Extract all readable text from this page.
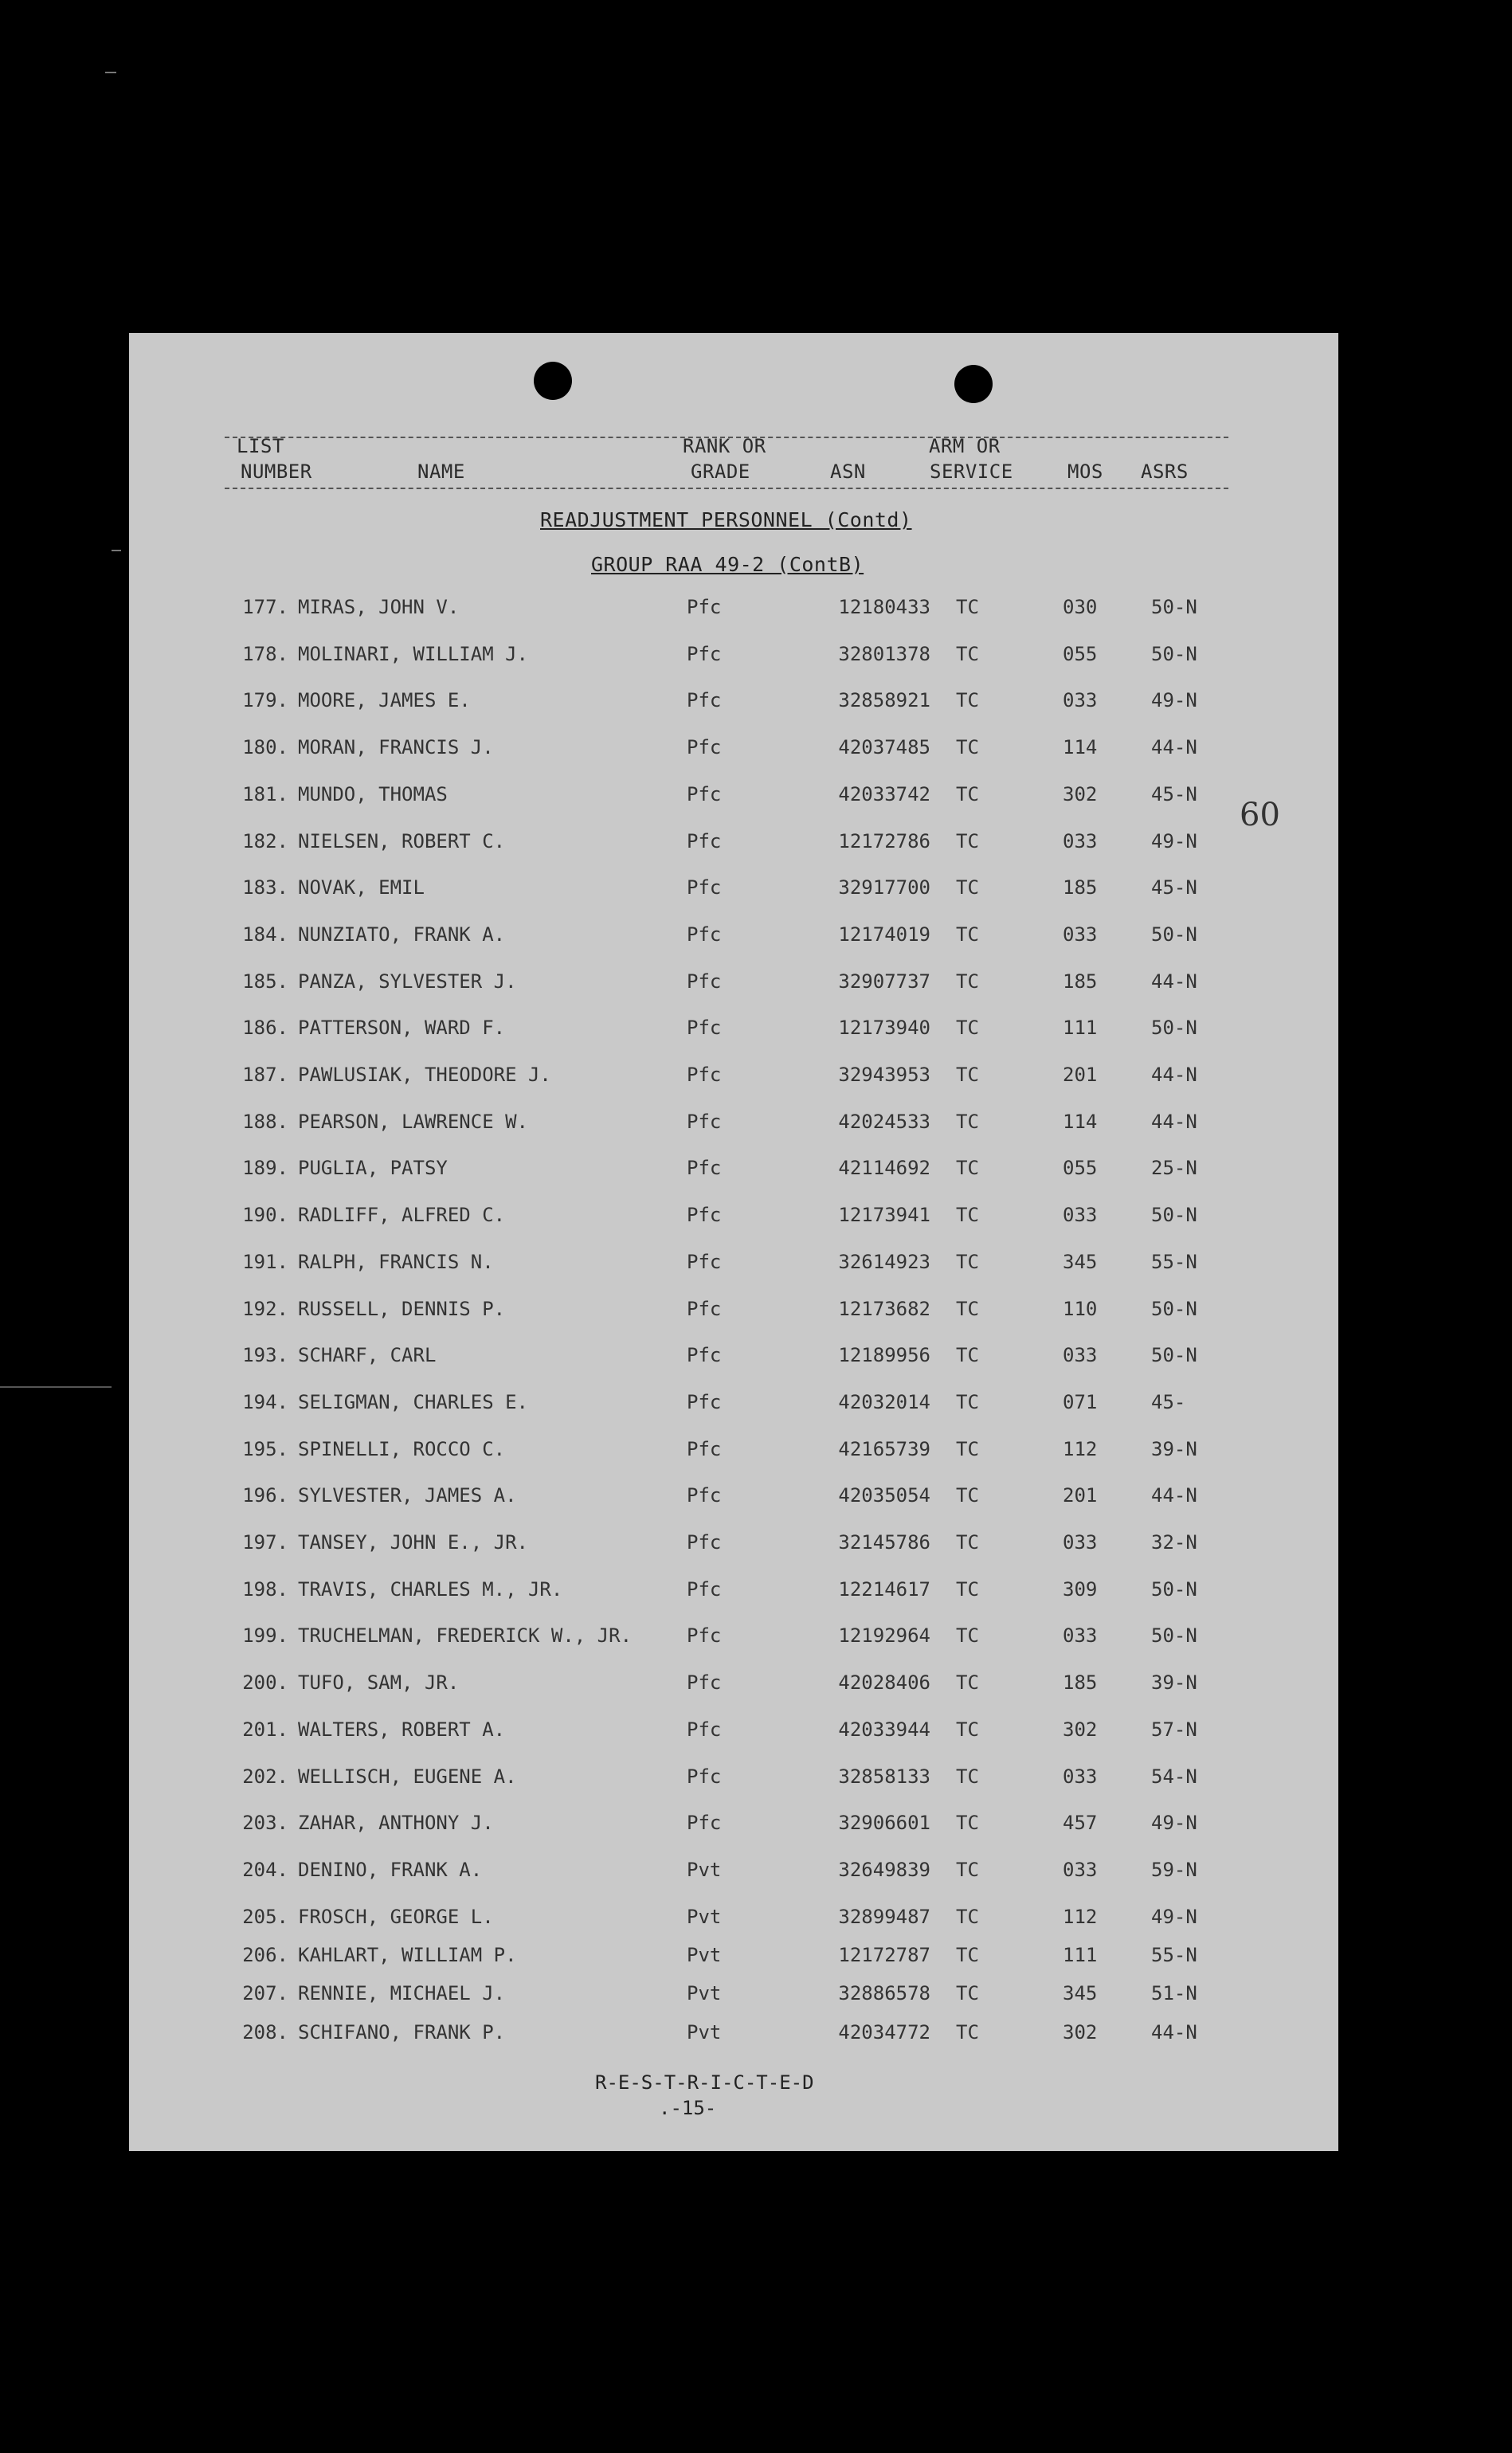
LIST
NUMBER	NAME
RANK OR
GRADE	ASN
ARM OR
SERVICE	MOS ASRS
READJUSTMENT PERSONNEL (Contd)
GROUP RAA 49-2 (ContB)
60
177. MIRAS, JOHN V.	Pfc	12180433 TC	030	50-N
178. MOLINARI, WILLIAM J.	Pfc	32801378 TC	055	50-N
179. MOORE, JAMES E.	Pfc	32858921 TC	033	49-N
180. MORAN, FRANCIS J.	Pfc	42037485 TC	114	44-N
181. MUNDO, THOMAS	Pfc	42033742 TC	302	45-N
182. NIELSEN, ROBERT C.	Pfc	12172786 TC	033	49-N
183. NOVAK, EMIL	Pfc	32917700 TC	185	45-N
184. NUNZIATO, FRANK A.	Pfc	12174019 TC	033	50-N
185. PANZA, SYLVESTER J.	Pfc	32907737 TC	185	44-N
186. PATTERSON, WARD F.	Pfc	12173940 TC	111	50-N
187. PAWLUSIAK, THEODORE J.	Pfc	32943953 TC	201	44-N
188. PEARSON, LAWRENCE W.	Pfc	42024533 TC	114	44-N
189. PUGLIA, PATSY	Pfc	42114692 TC	055	25-N
190. RADLIFF, ALFRED C.	Pfc	12173941 TC	033	50-N
191. RALPH, FRANCIS N.	Pfc	32614923 TC	345	55-N
192. RUSSELL, DENNIS P.	Pfc	12173682 TC	110	50-N
193. SCHARF, CARL	Pfc	12189956 TC	033	50-N
194. SELIGMAN, CHARLES E.	Pfc	42032014 TC	071	45-
195. SPINELLI, ROCCO C.	Pfc	42165739 TC	112	39-N
196. SYLVESTER, JAMES A.	Pfc	42035054 TC	201	44-N
197. TANSEY, JOHN E., JR.	Pfc	32145786 TC	033	32-N
198. TRAVIS, CHARLES M., JR.	Pfc	12214617 TC	309	50-N
199. TRUCHELMAN, FREDERICK W., JR.	Pfc	12192964 TC	033	50-N
200. TUFO, SAM, JR.	Pfc	42028406 TC	185	39-N
201. WALTERS, ROBERT A.	Pfc	42033944 TC	302	57-N
202. WELLISCH, EUGENE A.	Pfc	32858133 TC	033	54-N
203. ZAHAR, ANTHONY J.	Pfc	32906601 TC	457	49-N
204. DENINO, FRANK A.	Pvt	32649839 TC	033	59-N
205. FROSCH, GEORGE L.	Pvt	32899487 TC	112	49-N
206. KAHLART, WILLIAM P.	Pvt	12172787 TC	111	55-N
207. RENNIE, MICHAEL J.	Pvt	32886578 TC	345	51-N
208. SCHIFANO, FRANK P.	Pvt	42034772 TC	302	44-N
R-E-S-T-R-I-C-T-E-D
.-15-
